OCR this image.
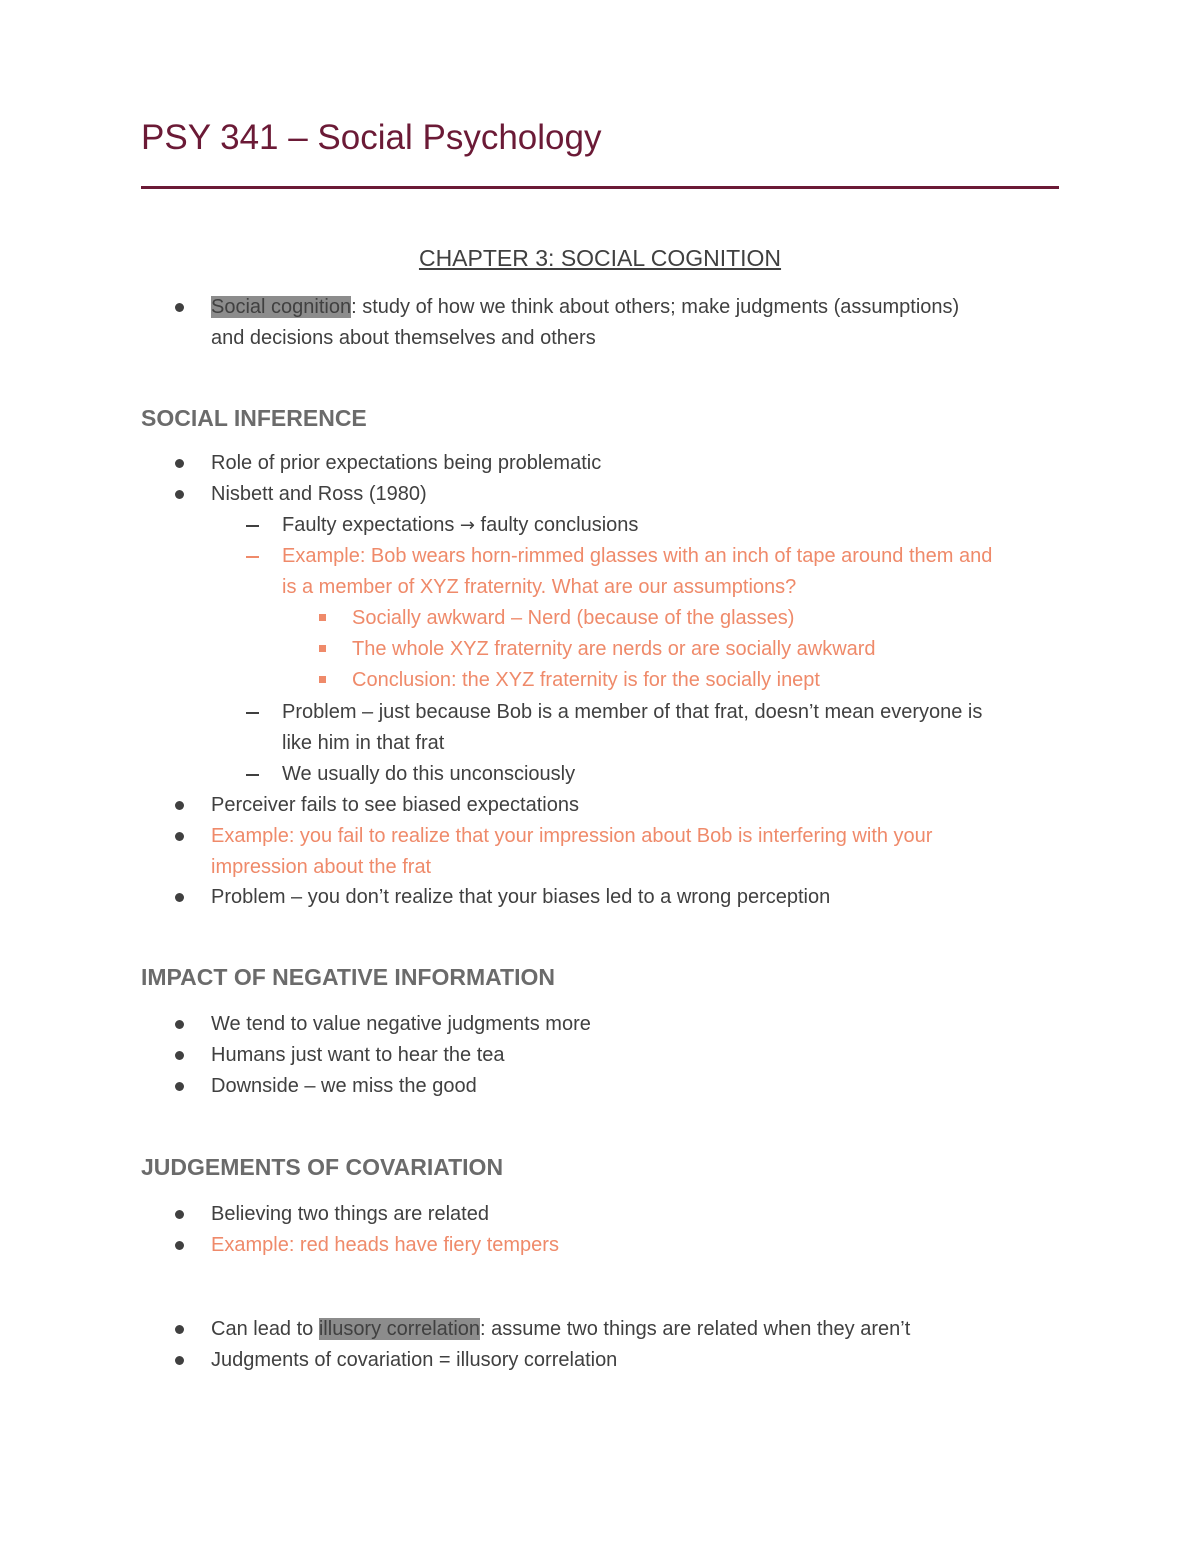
PSY 341 – Social Psychology
CHAPTER 3: SOCIAL COGNITION
Social cognition: study of how we think about others; make judgments (assumptions)
and decisions about themselves and others
SOCIAL INFERENCE
Role of prior expectations being problematic
Nisbett and Ross (1980)
Faulty expectations → faulty conclusions
Example: Bob wears horn-rimmed glasses with an inch of tape around them and
is a member of XYZ fraternity. What are our assumptions?
Socially awkward – Nerd (because of the glasses)
The whole XYZ fraternity are nerds or are socially awkward
Conclusion: the XYZ fraternity is for the socially inept
Problem – just because Bob is a member of that frat, doesn’t mean everyone is
like him in that frat
We usually do this unconsciously
Perceiver fails to see biased expectations
Example: you fail to realize that your impression about Bob is interfering with your
impression about the frat
Problem – you don’t realize that your biases led to a wrong perception
IMPACT OF NEGATIVE INFORMATION
We tend to value negative judgments more
Humans just want to hear the tea
Downside – we miss the good
JUDGEMENTS OF COVARIATION
Believing two things are related
Example: red heads have fiery tempers
Can lead to illusory correlation: assume two things are related when they aren’t
Judgments of covariation = illusory correlation
